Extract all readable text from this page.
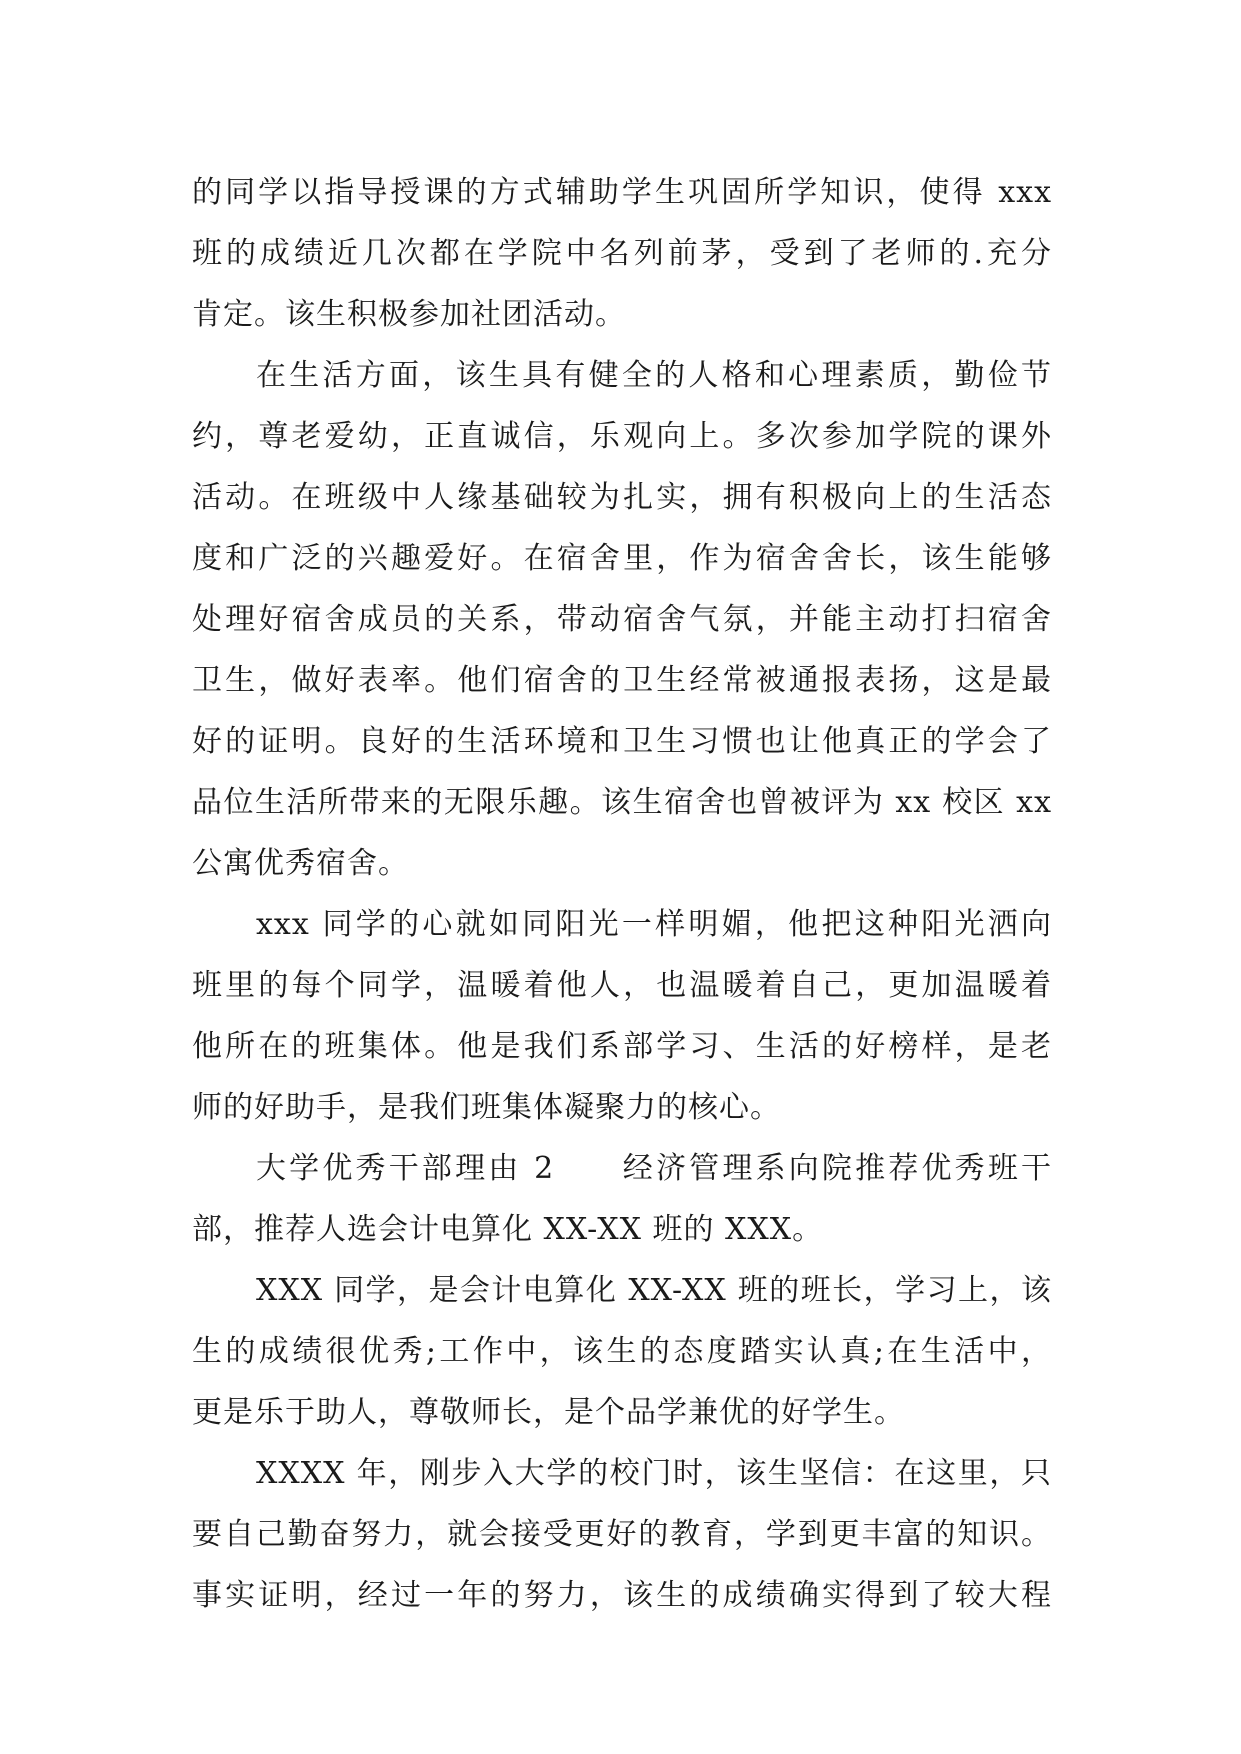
的同学以指导授课的方式辅助学生巩固所学知识，使得 xxx
班的成绩近几次都在学院中名列前茅，受到了老师的.充分
肯定。该生积极参加社团活动。
在生活方面，该生具有健全的人格和心理素质，勤俭节
约，尊老爱幼，正直诚信，乐观向上。多次参加学院的课外
活动。在班级中人缘基础较为扎实，拥有积极向上的生活态
度和广泛的兴趣爱好。在宿舍里，作为宿舍舍长，该生能够
处理好宿舍成员的关系，带动宿舍气氛，并能主动打扫宿舍
卫生，做好表率。他们宿舍的卫生经常被通报表扬，这是最
好的证明。良好的生活环境和卫生习惯也让他真正的学会了
品位生活所带来的无限乐趣。该生宿舍也曾被评为 xx 校区 xx
公寓优秀宿舍。
xxx 同学的心就如同阳光一样明媚，他把这种阳光洒向
班里的每个同学，温暖着他人，也温暖着自己，更加温暖着
他所在的班集体。他是我们系部学习、生活的好榜样，是老
师的好助手，是我们班集体凝聚力的核心。
大学优秀干部理由 2　　经济管理系向院推荐优秀班干
部，推荐人选会计电算化 XX-XX 班的 XXX。
XXX 同学，是会计电算化 XX-XX 班的班长，学习上，该
生的成绩很优秀;工作中，该生的态度踏实认真;在生活中，
更是乐于助人，尊敬师长，是个品学兼优的好学生。
XXXX 年，刚步入大学的校门时，该生坚信：在这里，只
要自己勤奋努力，就会接受更好的教育，学到更丰富的知识。
事实证明，经过一年的努力，该生的成绩确实得到了较大程
